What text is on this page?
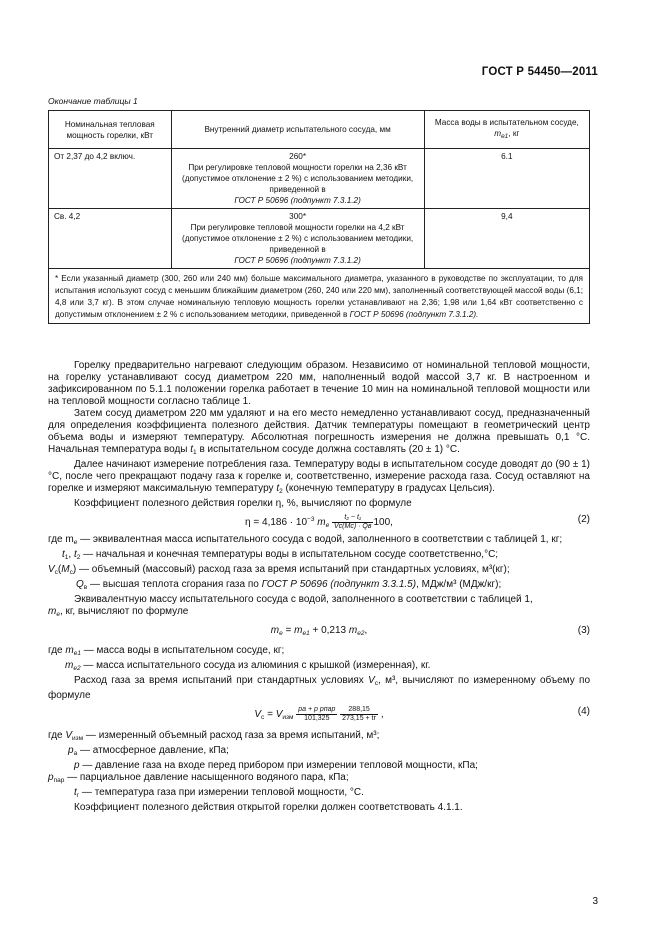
ГОСТ Р 54450—2011
Окончание таблицы 1
Номинальная тепловая мощность горелки, кВт	Внутренний диаметр испытательного сосуда, мм	Масса воды в испытательном сосуде, $m_{e1}$, кг
От 2,37 до 4,2 включ.	260*
При регулировке тепловой мощности горелки на 2,36 кВт (допустимое отклонение ± 2 %) с использованием методики, приведенной в
ГОСТ Р 50696 (подпункт 7.3.1.2)	6.1
Св. 4,2	300*
При регулировке тепловой мощности горелки на 4,2 кВт (допустимое отклонение ± 2 %) с использованием методики, приведенной в
ГОСТ Р 50696 (подпункт 7.3.1.2)	9,4
* Если указанный диаметр (300, 260 или 240 мм) больше максимального диаметра, указанного в руководстве по эксплуатации, то для испытания используют сосуд с меньшим ближайшим диаметром (260, 240 или 220 мм), заполненный соответствующей массой воды (6,1; 4,8 или 3,7 кг). В этом случае номинальную тепловую мощность горелки устанавливают на 2,36; 1,98 или 1,64 кВт соответственно с допустимым отклонением ± 2 % с использованием методики, приведенной в ГОСТ Р 50696 (подпункт 7.3.1.2).		

Горелку предварительно нагревают следующим образом. Независимо от номинальной тепловой мощности, на горелку устанавливают сосуд диаметром 220 мм, наполненный водой массой 3,7 кг. В настроенном и зафиксированном по 5.1.1 положении горелка работает в течение 10 мин на номинальной тепловой мощности или на тепловой мощности согласно таблице 1.

Затем сосуд диаметром 220 мм удаляют и на его место немедленно устанавливают сосуд, предназначенный для определения коэффициента полезного действия. Датчик температуры помещают в геометрический центр объема воды и измеряют температуру. Абсолютная погрешность измерения не должна превышать 0,1 °С. Начальная температура воды $t_1$ в испытательном сосуде должна составлять (20 ± 1) °С.

Далее начинают измерение потребления газа. Температуру воды в испытательном сосуде доводят до (90 ± 1) °С, после чего прекращают подачу газа к горелке и, соответственно, измерение расхода газа. Сосуд оставляют на горелке и измеряют максимальную температуру $t_2$ (конечную температуру в градусах Цельсия).

Коэффициент полезного действия горелки η, %, вычисляют по формуле

$\eta = 4,186 \cdot 10^{-3}$ $m_e \frac{\text{t₂ − t₁}}{Vc(Mc) \cdot Qв} 100$,	(2)

где $m_e$ — эквивалентная масса испытательного сосуда с водой, заполненного в соответствии с таблицей 1, кг;

$t_1$, $t_2$ — начальная и конечная температуры воды в испытательном сосуде соответственно,°С;

$V_c(M_c)$ — объемный (массовый) расход газа за время испытаний при стандартных условиях, м³(кг);

$Q_в$ — высшая теплота сгорания газа по ГОСТ Р 50696 (подпункт 3.3.1.5), МДж/м³ (МДж/кг);

Эквивалентную массу испытательного сосуда с водой, заполненного в соответствии с таблицей 1,

$m_e$, кг, вычисляют по формуле

$m_e = m_{e1} + 0,213$ $m_{e2}$,	(3)

где $m_{e1}$ — масса воды в испытательном сосуде, кг;

$m_{e2}$ — масса испытательного сосуда из алюминия с крышкой (измеренная), кг.

Расход газа за время испытаний при стандартных условиях $V_c$, м³, вычисляют по измеренному объему по формуле

$V_c = V_{изм} \frac{\text{pa + p pпар}}{101,325}$
$\frac{288,15}{273,15 + tг}$ ,	(4)

где $V_{изм}$ — измеренный объемный расход газа за время испытаний, м³;

$p_a$ — атмосферное давление, кПа;

p — давление газа на входе перед прибором при измерении тепловой мощности, кПа;

$p_{пар}$ — парциальное давление насыщенного водяного пара, кПа;

$t_г$ — температура газа при измерении тепловой мощности, °С.

Коэффициент полезного действия открытой горелки должен соответствовать 4.1.1.

3
